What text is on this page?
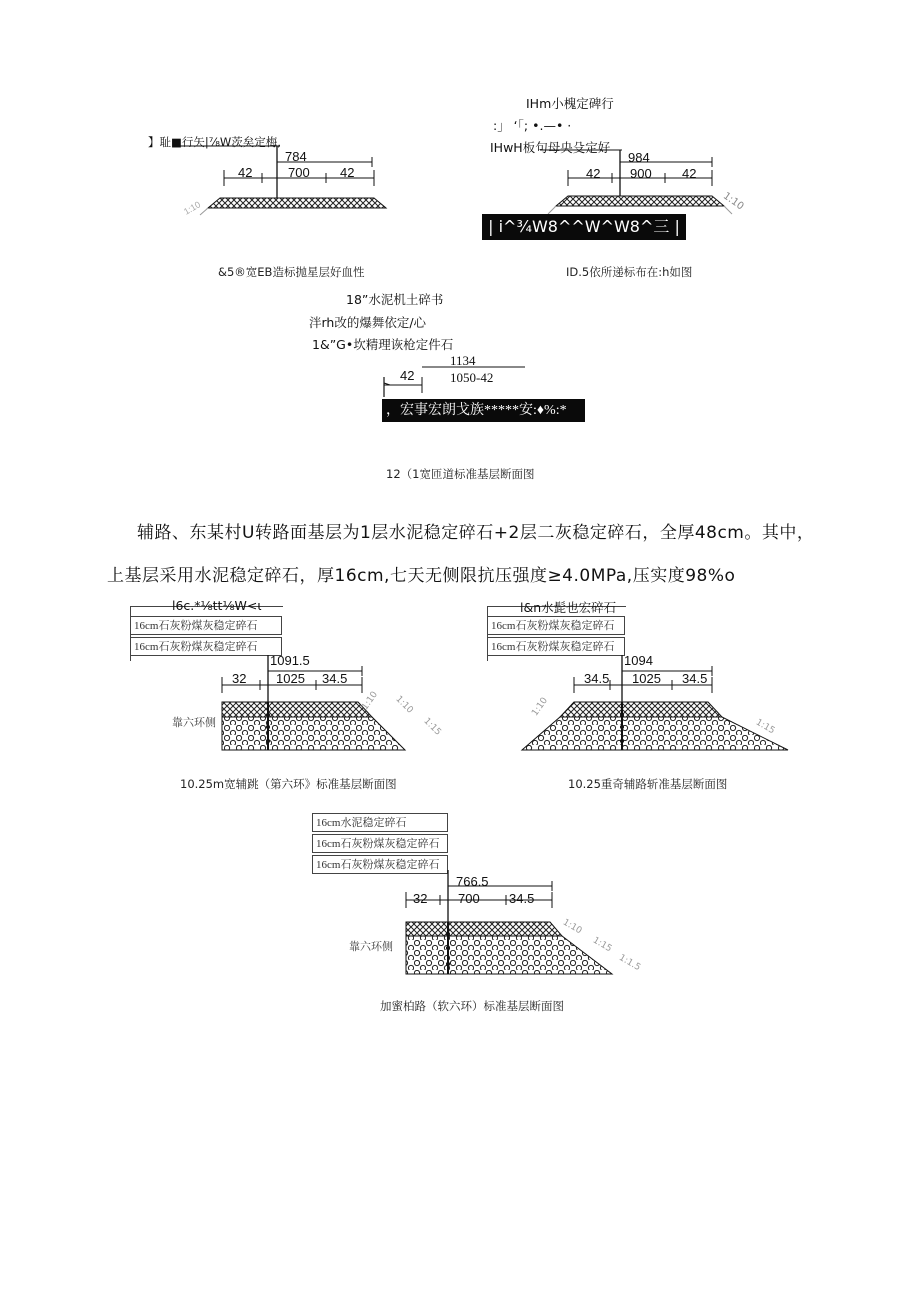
】耻■行矢|⅞W茨矣定梅,
1:10
784
42	700 42
&5®宽EB造标抛星层好血性
IHm小槐定碑行
:」 ‘「; •.—• ·
IHwH板句母央殳定好
984
42 900 42
1:10
| i^¾W8^^W^W8^三 |
ID.5依所递标布在:h如图
18”水泥机土碎书
泮rh改的爆舞依定/心
1&”G•坎精理诙枪定件石
1134
42	1050-42
，宏事宏朗戈族*****安:♦%:*
12（1宽匝道标准基层断面图
辅路、东某村U转路面基层为1层水泥稳定碎石+2层二灰稳定碎石，全厚48cm。其中，
上基层采用水泥稳定碎石，厚16cm,七天无侧限抗压强度≥4.0MPa,压实度98%o
l6c.*⅛tt⅛W<ι
16cm石灰粉煤灰稳定碎石
16cm石灰粉煤灰稳定碎石
1091.5
32 1025 34.5
靠六环侧
1:10 1:10
1:15
10.25m宽辅跳（第六环》标准基层断面图
l&n水髭也宏碎石
16cm石灰粉煤灰稳定碎石
16cm石灰粉煤灰稳定碎石
1094
34.5 1025 34.5
1:10
1:15
10.25重奇辅路斩准基层断面图
16cm水泥稳定碎石
16cm石灰粉煤灰稳定碎石
16cm石灰粉煤灰稳定碎石
766.5
32 700 34.5
靠六环侧
1:10
1:15
1:1.5
加蜜柏路（软六环）标准基层断面图
